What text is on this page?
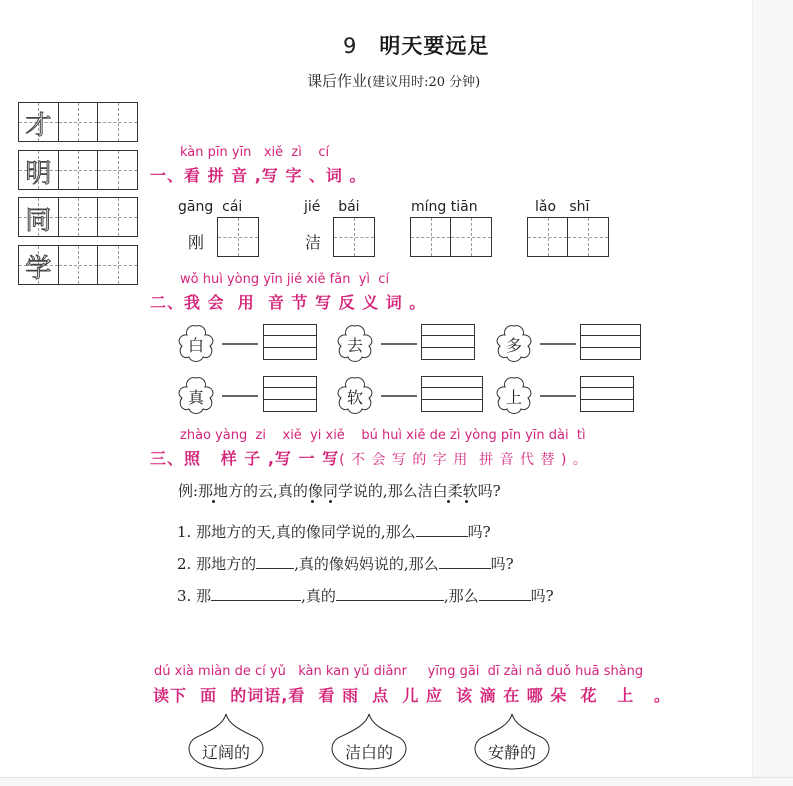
9 明天要远足
课后作业(建议用时:20 分钟)
才
明
同
学
kàn pīn yīn   xiě  zì    cí
一、看 拼 音 ,写 字 、词 。
gāng  cái
刚
jié    bái
洁
míng tiān	lǎo   shī
wǒ huì yòng yīn jié xiě fǎn  yì  cí
二、我 会  用  音 节 写 反 义 词 。
白	去	多
真	软	上
zhào yàng  zi    xiě  yi xiě    bú huì xiě de zì yòng pīn yīn dài  tì
三、照   样 子 ,写 一 写( 不 会 写 的 字 用  拼 音 代 替 ) 。
例:那地方的云,真的像同学说的,那么洁白柔软吗?
1. 那地方的天,真的像同学说的,那么	吗?
2. 那地方的	,真的像妈妈说的,那么	吗?
3. 那	,真的	,那么	吗?
dú xià miàn de cí yǔ   kàn kan yǔ diǎnr     yīng gāi  dī zài nǎ duǒ huā shàng
读下  面  的词语,看  看 雨  点  儿 应  该 滴 在 哪 朵  花   上   。
辽阔的	洁白的	安静的
